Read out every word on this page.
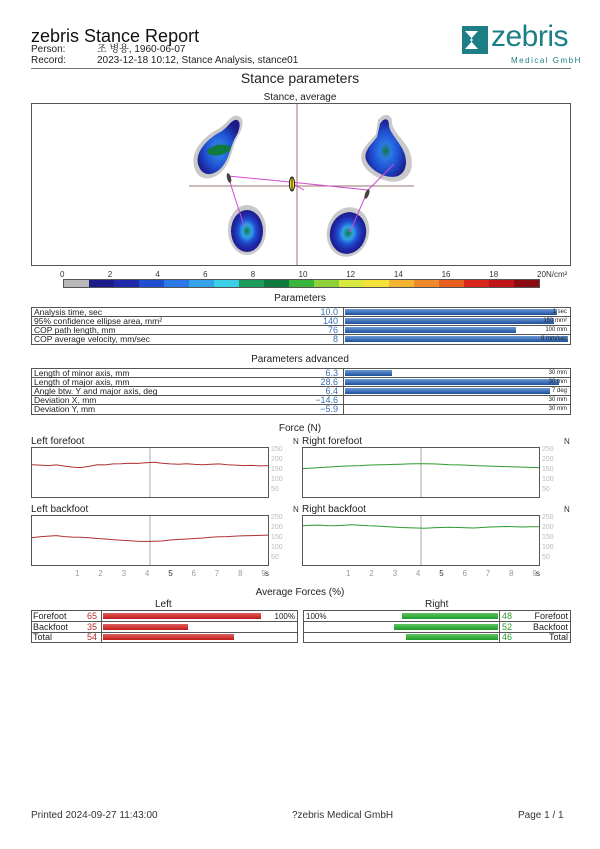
zebris Stance Report
Person:	조 병용, 1960-06-07
Record:	2023-12-18 10:12, Stance Analysis, stance01
zebris
Medical GmbH
Stance parameters
Stance, average
0	2	4	6	8	10	12	14	16	18	20 N/cm²
Parameters
Analysis time, sec	10.0	1 sec
95% confidence ellipse area, mm²	140	150 mm²
COP path length, mm	76	100 mm
COP average velocity, mm/sec	8	8 mm/sec
Parameters advanced
Length of minor axis, mm	6.3	30 mm
Length of major axis, mm	28.6	30 mm
Angle btw. Y and major axis, deg	6.4	7 deg
Deviation X, mm	−14.6	30 mm
Deviation Y, mm	−5.9	30 mm
Force (N)
Left forefoot	N
250
200
150
100
50
Right forefoot	N
250
200
150
100
50
Left backfoot	N
250
200
150
100
50
1 2 3 4 5 6 7 8 9 s
Right backfoot	N
250
200
150
100
50
1 2 3 4 5 6 7 8 9 s
Average Forces (%)
Left	Right
100%
Forefoot 65
Backfoot 35
Total	54
100%	48 Forefoot
52 Backfoot
46	Total
Printed 2024-09-27 11:43:00	?zebris Medical GmbH	Page 1 / 1
